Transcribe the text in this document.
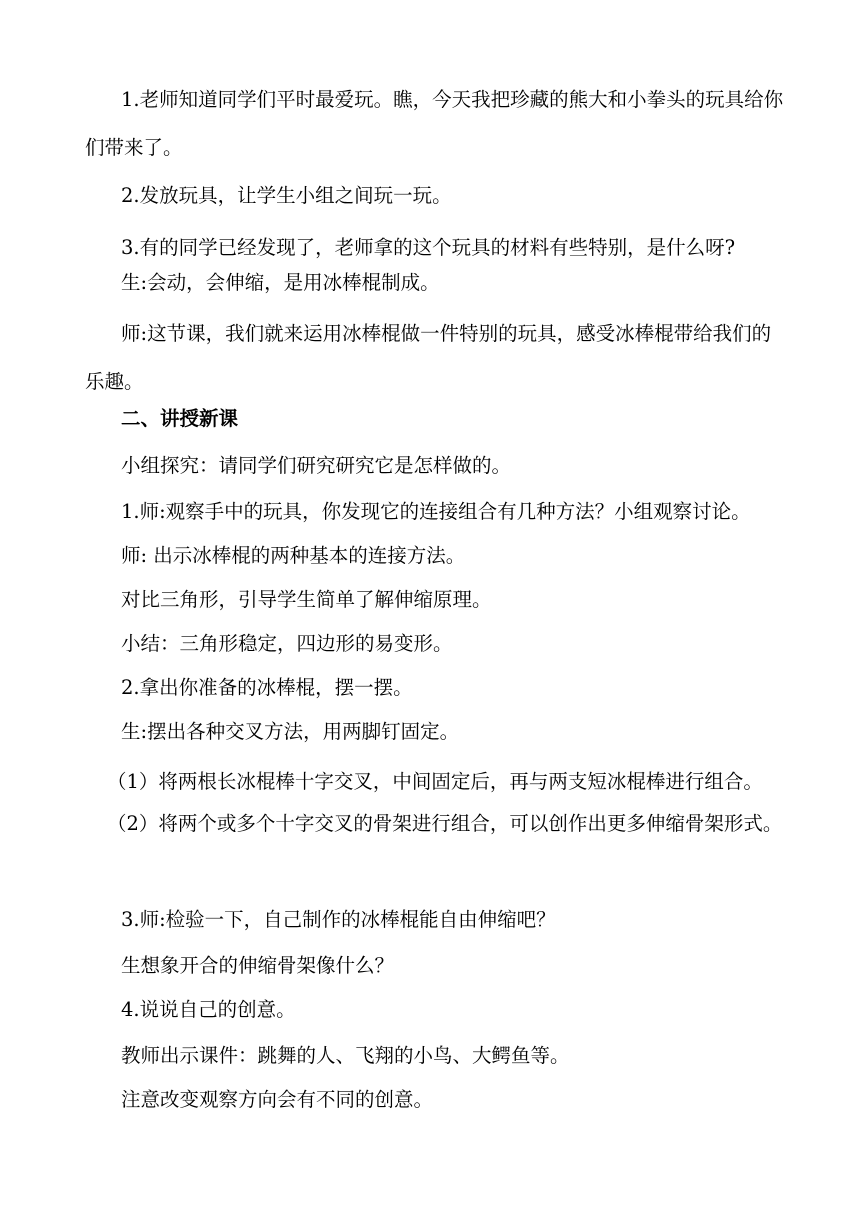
1.老师知道同学们平时最爱玩。瞧，今天我把珍藏的熊大和小拳头的玩具给你们带来了。

2.发放玩具，让学生小组之间玩一玩。

3.有的同学已经发现了，老师拿的这个玩具的材料有些特别，是什么呀?

生:会动，会伸缩，是用冰棒棍制成。

师:这节课，我们就来运用冰棒棍做一件特别的玩具，感受冰棒棍带给我们的乐趣。

二、讲授新课

小组探究：请同学们研究研究它是怎样做的。

1.师:观察手中的玩具，你发现它的连接组合有几种方法？小组观察讨论。

师: 出示冰棒棍的两种基本的连接方法。

对比三角形，引导学生简单了解伸缩原理。

小结：三角形稳定，四边形的易变形。

2.拿出你准备的冰棒棍，摆一摆。

生:摆出各种交叉方法，用两脚钉固定。

（1）将两根长冰棍棒十字交叉，中间固定后，再与两支短冰棍棒进行组合。

（2）将两个或多个十字交叉的骨架进行组合，可以创作出更多伸缩骨架形式。

3.师:检验一下，自己制作的冰棒棍能自由伸缩吧？

生想象开合的伸缩骨架像什么？

4.说说自己的创意。

教师出示课件：跳舞的人、飞翔的小鸟、大鳄鱼等。

注意改变观察方向会有不同的创意。
